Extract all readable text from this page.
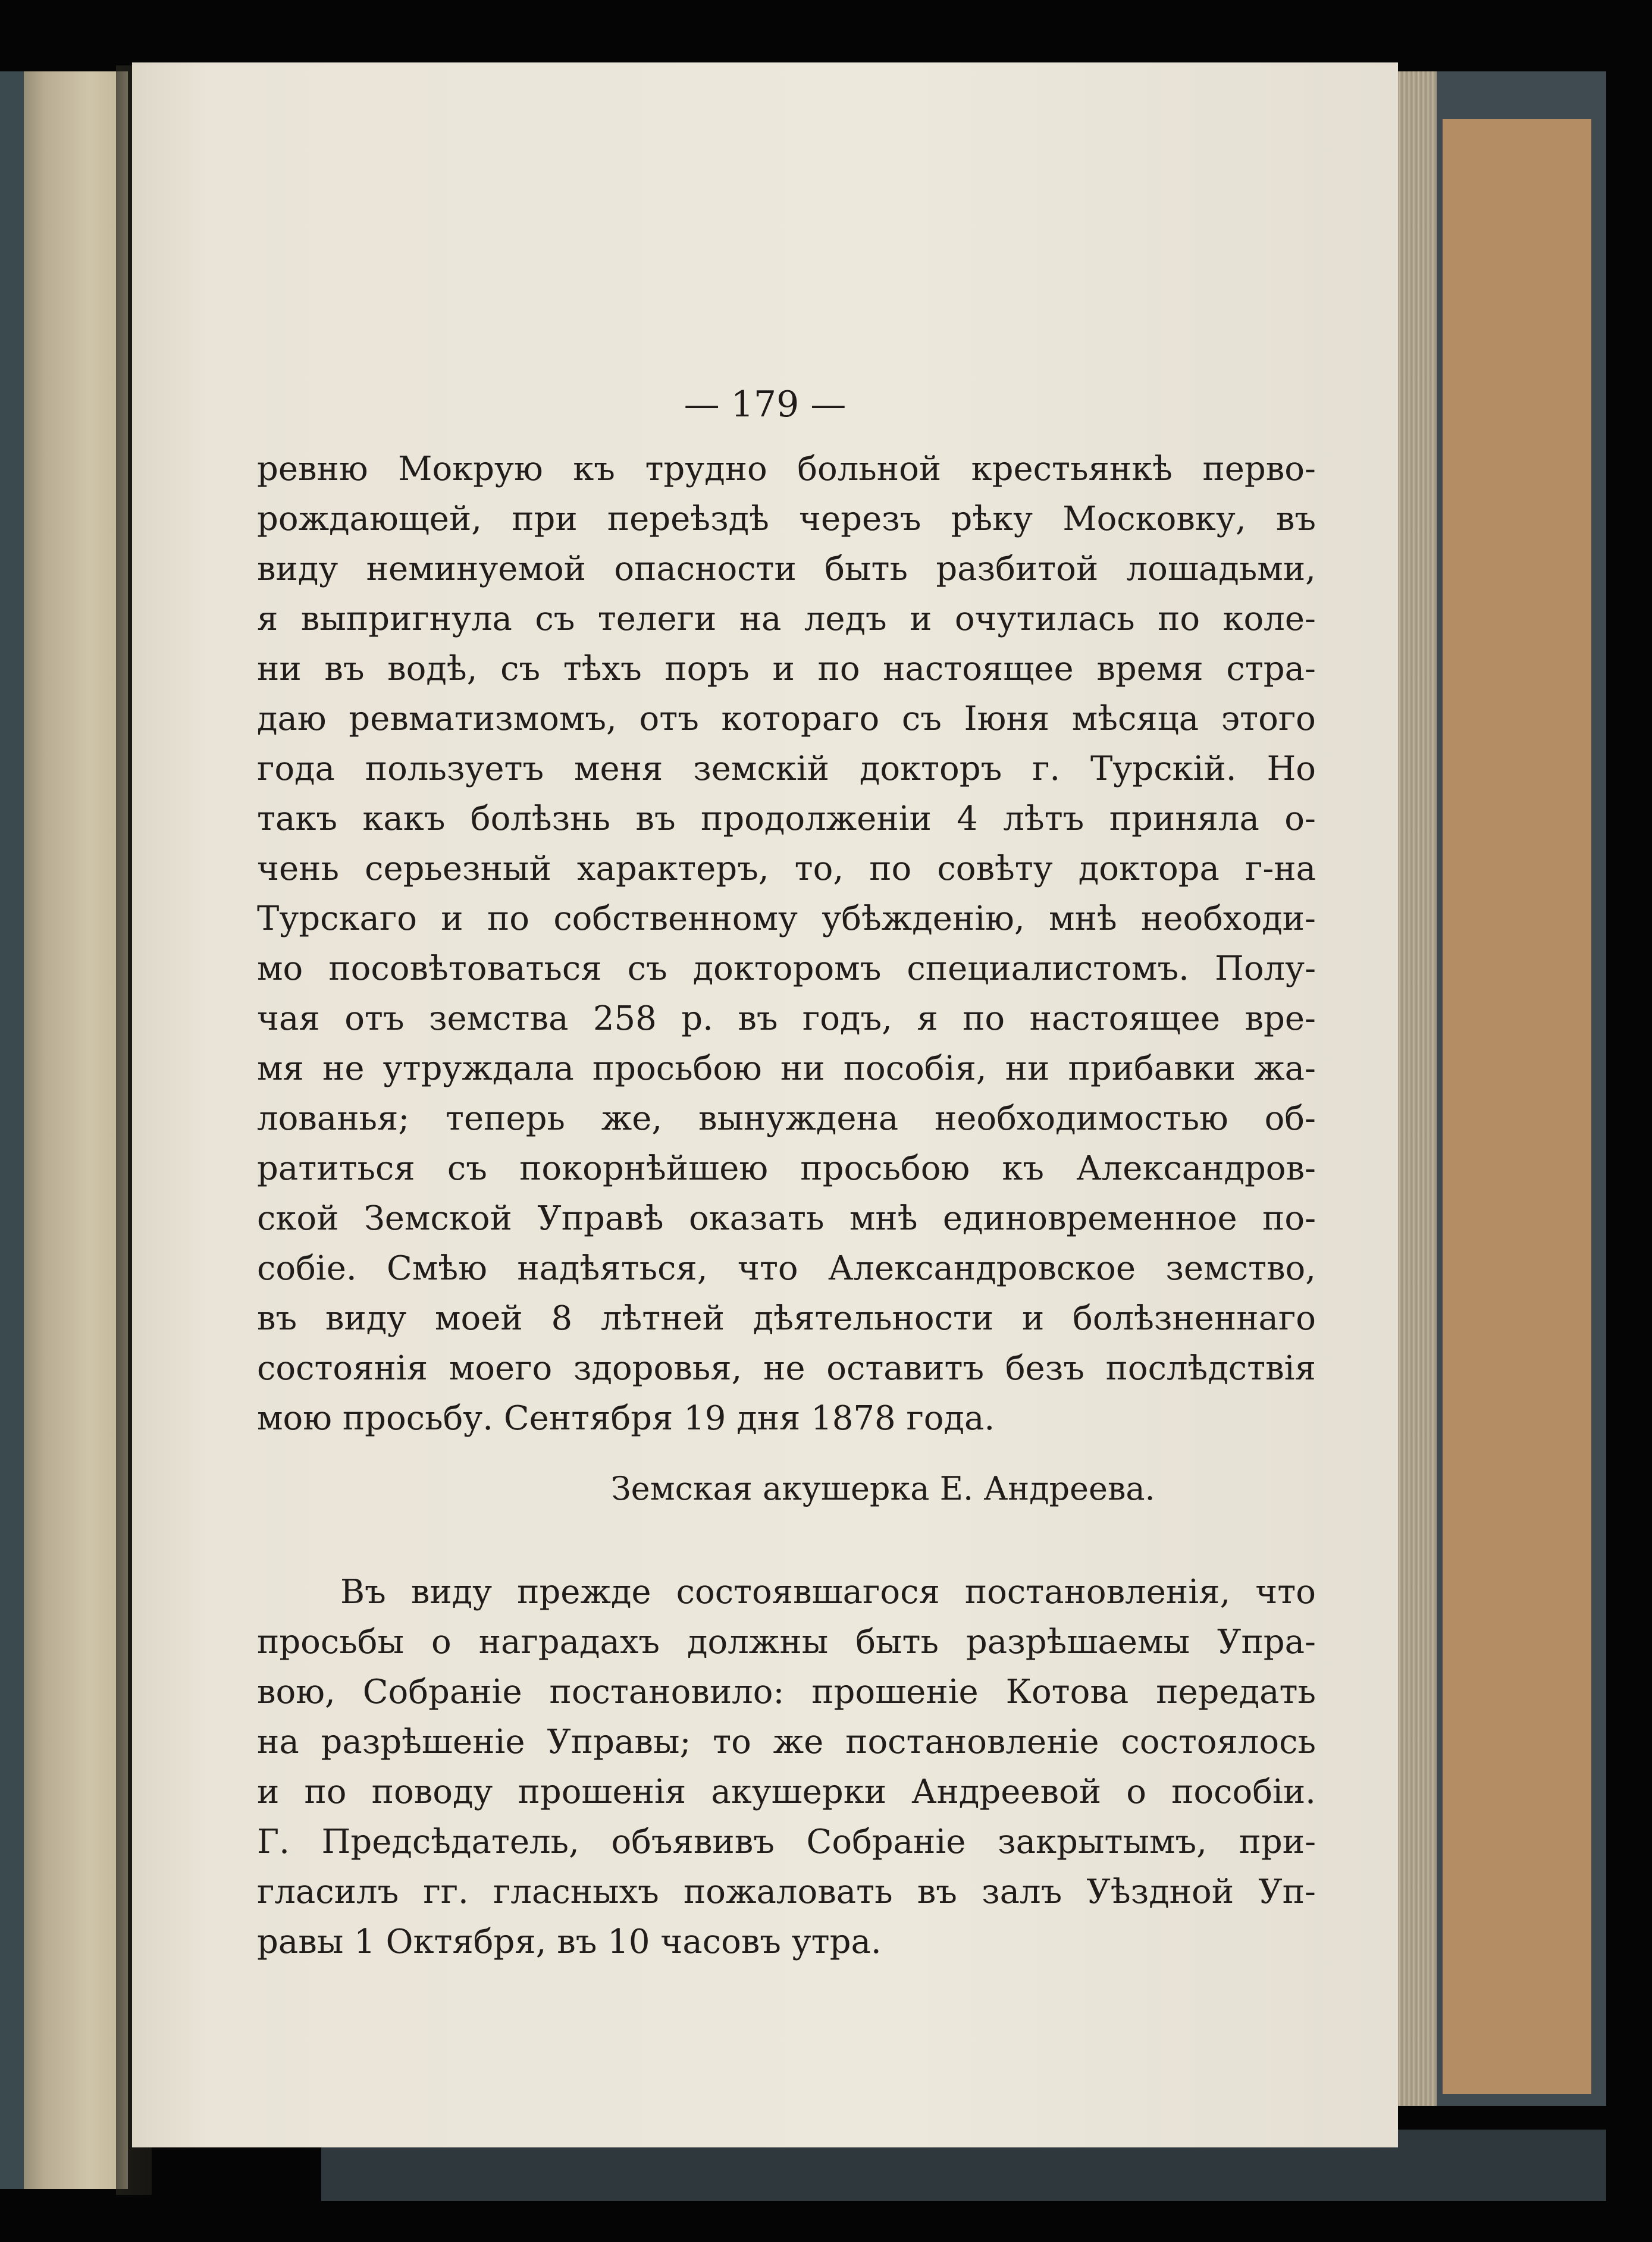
— 179 —
ревню Мокрую къ трудно больной крестьянкѣ перво-
рождающей, при переѣздѣ черезъ рѣку Московку, въ
виду неминуемой опасности быть разбитой лошадьми,
я выпригнула съ телеги на ледъ и очутилась по коле-
ни въ водѣ, съ тѣхъ поръ и по настоящее время стра-
даю ревматизмомъ, отъ котораго съ Іюня мѣсяца этого
года пользуетъ меня земскій докторъ г. Турскій. Но
такъ какъ болѣзнь въ продолженіи 4 лѣтъ приняла о-
чень серьезный характеръ, то, по совѣту доктора г-на
Турскаго и по собственному убѣжденію, мнѣ необходи-
мо посовѣтоваться съ докторомъ специалистомъ. Полу-
чая отъ земства 258 р. въ годъ, я по настоящее вре-
мя не утруждала просьбою ни пособія, ни прибавки жа-
лованья; теперь же, вынуждена необходимостью об-
ратиться съ покорнѣйшею просьбою къ Александров-
ской Земской Управѣ оказать мнѣ единовременное по-
собіе. Смѣю надѣяться, что Александровское земство,
въ виду моей 8 лѣтней дѣятельности и болѣзненнаго
состоянія моего здоровья, не оставитъ безъ послѣдствія
мою просьбу. Сентября 19 дня 1878 года.
Земская акушерка Е. Андреева.
Въ виду прежде состоявшагося постановленія, что
просьбы о наградахъ должны быть разрѣшаемы Упра-
вою, Собраніе постановило: прошеніе Котова передать
на разрѣшеніе Управы; то же постановленіе состоялось
и по поводу прошенія акушерки Андреевой о пособіи.
Г. Предсѣдатель, объявивъ Собраніе закрытымъ, при-
гласилъ гг. гласныхъ пожаловать въ залъ Уѣздной Уп-
равы 1 Октября, въ 10 часовъ утра.
